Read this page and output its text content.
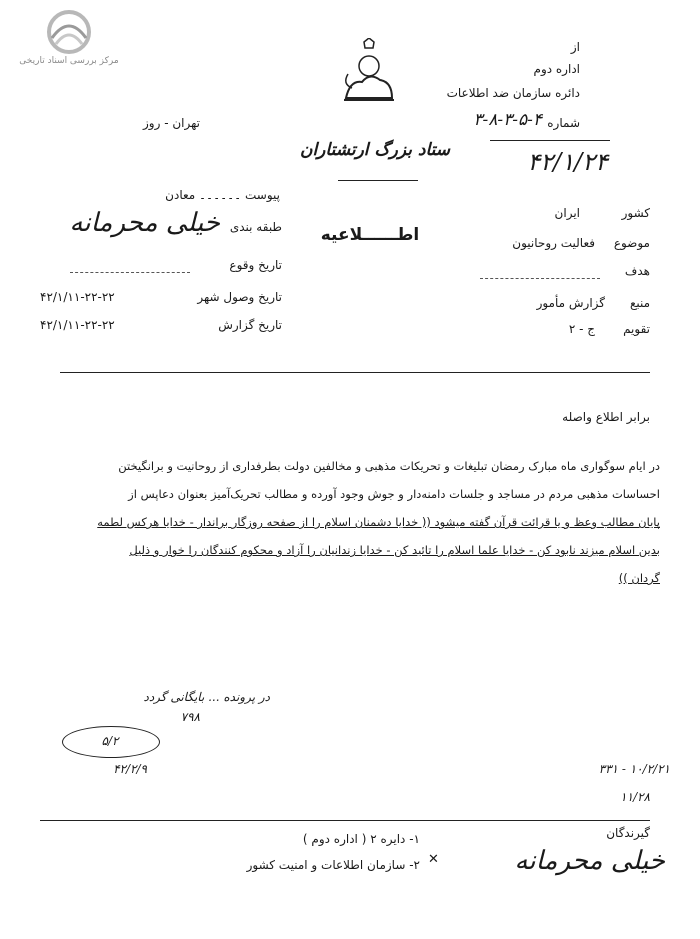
مرکز بررسی اسناد تاریخی
ستاد بزرگ ارتشتاران
تهران - روز
از
اداره دوم
دائره سازمان ضد اطلاعات
شماره
۳-۸-۳-۵-۴
۴۲/۱/۲۴
پیوست ۔۔۔۔۔۔ معادن
طبقه بندی
خیلی محرمانه
تاریخ وقوع
تاریخ وصول شهر
۴۲/۱/۱۱-۲۲-۲۲
تاریخ گزارش
۴۲/۱/۱۱-۲۲-۲۲
اطــــــلاعیه
کشور
ایران
موضوع
فعالیت روحانیون
هدف
منبع
گزارش مأمور
تقویم
ج - ۲
برابر اطلاع واصله
در ایام سوگواری ماه مبارک رمضان تبلیغات و تحریکات مذهبی و مخالفین دولت بطرفداری از روحانیت و برانگیختن
احساسات مذهبی مردم در مساجد و جلسات دامنه‌دار و جوش وجود آورده و مطالب تحریک‌آمیز بعنوان دعاپس از
پایان مطالب وعظ و یا قرائت قرآن گفته میشود (( خدایا دشمنان اسلام را از صفحه روزگار براندار - خدایا هرکس لطمه
بدین اسلام میزند نابود کن - خدایا علما اسلام را تائید کن - خدایا زندانیان را آزاد و محکوم کنندگان را خوار و ذلیل
گردان ))
در پرونده ... بایگانی گردد
۷۹۸
۵/۲
۴۲/۲/۹	۱۰/۲/۲۱ - ۳۳۱
۱۱/۲۸
گیرندگان
خیلی محرمانه
✕
۱- دایره ۲ ( اداره دوم )
۲- سازمان اطلاعات و امنیت کشور
